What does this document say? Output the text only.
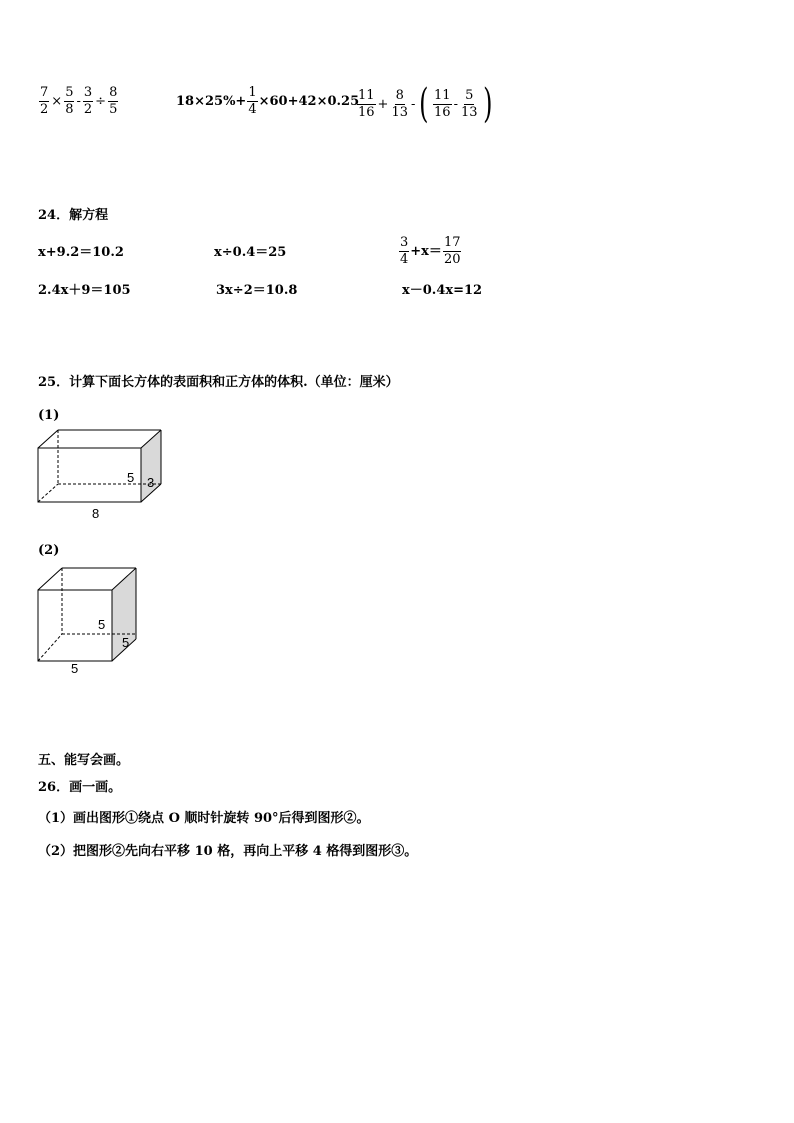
$\frac{7}{2} \times \frac{5}{8} - \frac{3}{2} \div \frac{8}{5}$	$18\times 25\%+ \frac{1}{4} \times 60+42\times 0.25$
$\frac{11}{16} + \frac{8}{13}$ - ( $\frac{11}{16} - \frac{5}{13}$ )
24．解方程
x+9.2＝10.2	x÷0.4＝25	$\frac{3}{4} +x= \frac{17}{20}$
2.4x＋9＝105	3x÷2＝10.8	x－0.4x=12
25．计算下面长方体的表面积和正方体的体积.（单位：厘米）
(1)
5 3
8
(2)
5
5
5
五、能写会画。
26．画一画。
（1）画出图形①绕点 O 顺时针旋转 90°后得到图形②。
（2）把图形②先向右平移 10 格，再向上平移 4 格得到图形③。
